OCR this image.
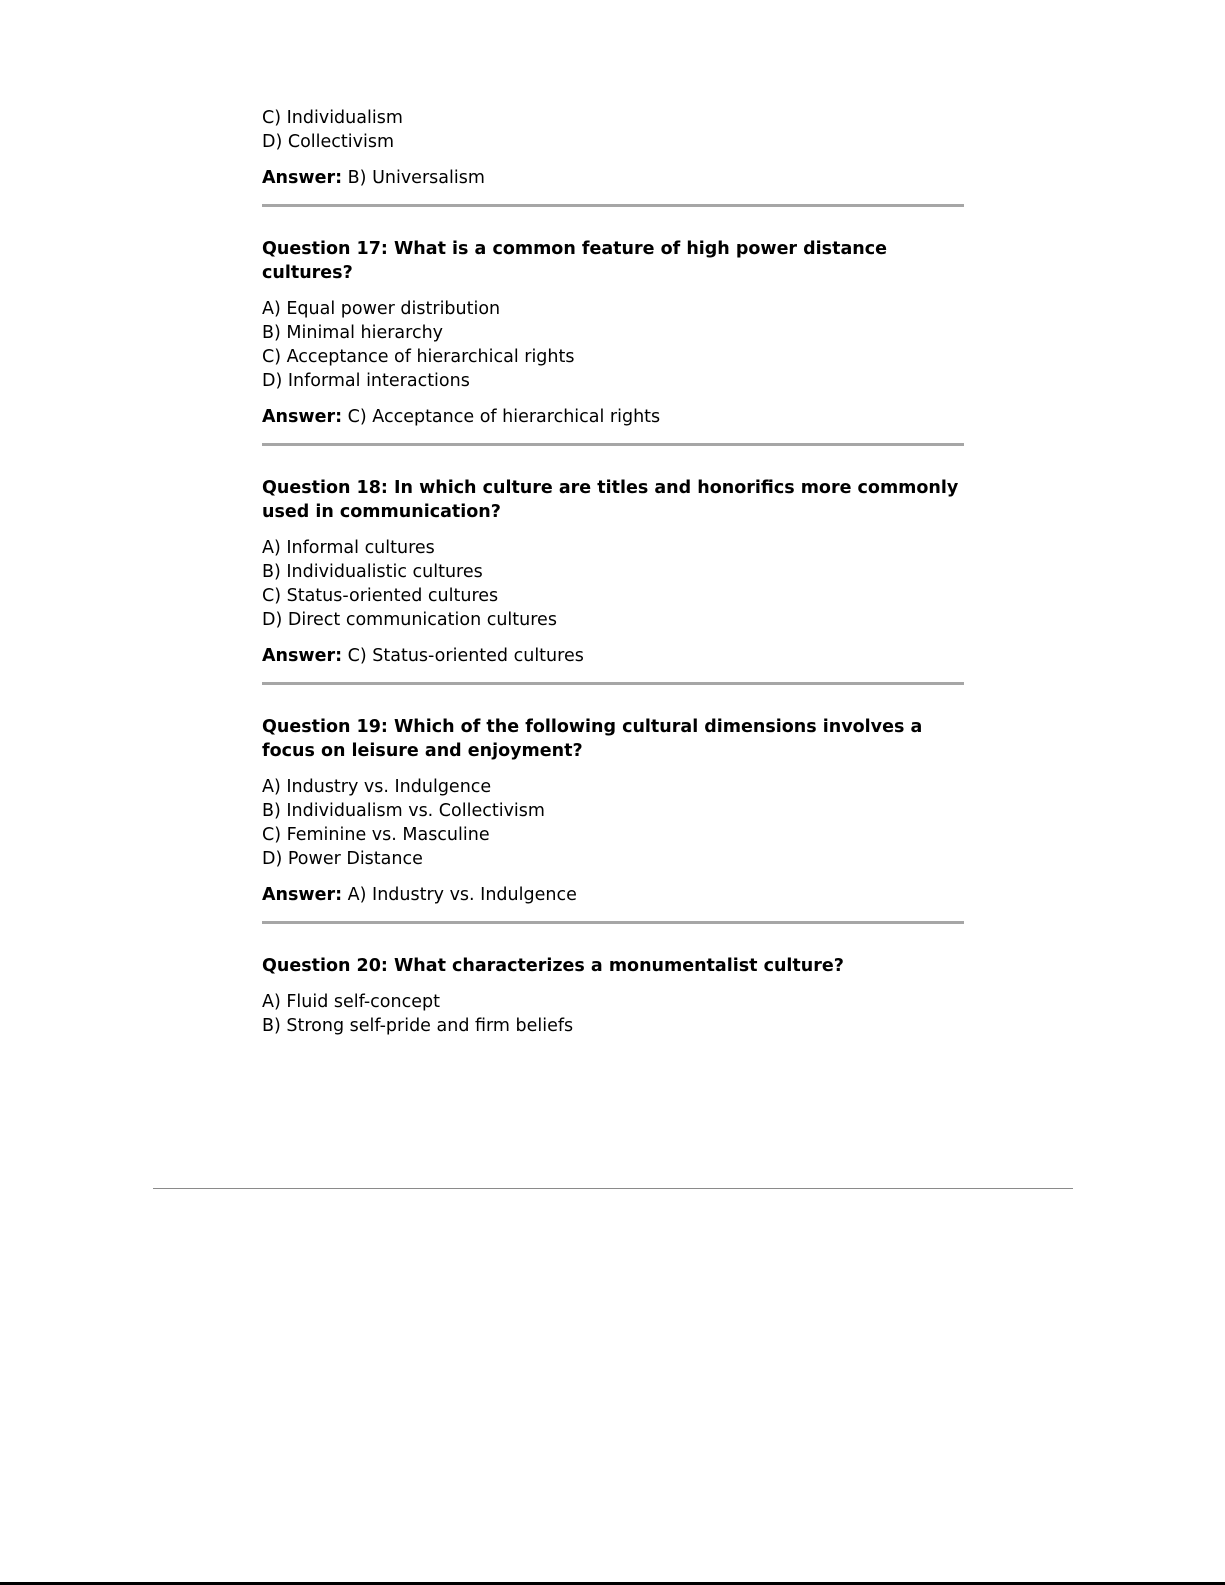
C) Individualism
D) Collectivism
Answer: B) Universalism
Question 17: What is a common feature of high power distance cultures?
A) Equal power distribution
B) Minimal hierarchy
C) Acceptance of hierarchical rights
D) Informal interactions
Answer: C) Acceptance of hierarchical rights
Question 18: In which culture are titles and honorifics more commonly used in communication?
A) Informal cultures
B) Individualistic cultures
C) Status-oriented cultures
D) Direct communication cultures
Answer: C) Status-oriented cultures
Question 19: Which of the following cultural dimensions involves a focus on leisure and enjoyment?
A) Industry vs. Indulgence
B) Individualism vs. Collectivism
C) Feminine vs. Masculine
D) Power Distance
Answer: A) Industry vs. Indulgence
Question 20: What characterizes a monumentalist culture?
A) Fluid self-concept
B) Strong self-pride and firm beliefs
